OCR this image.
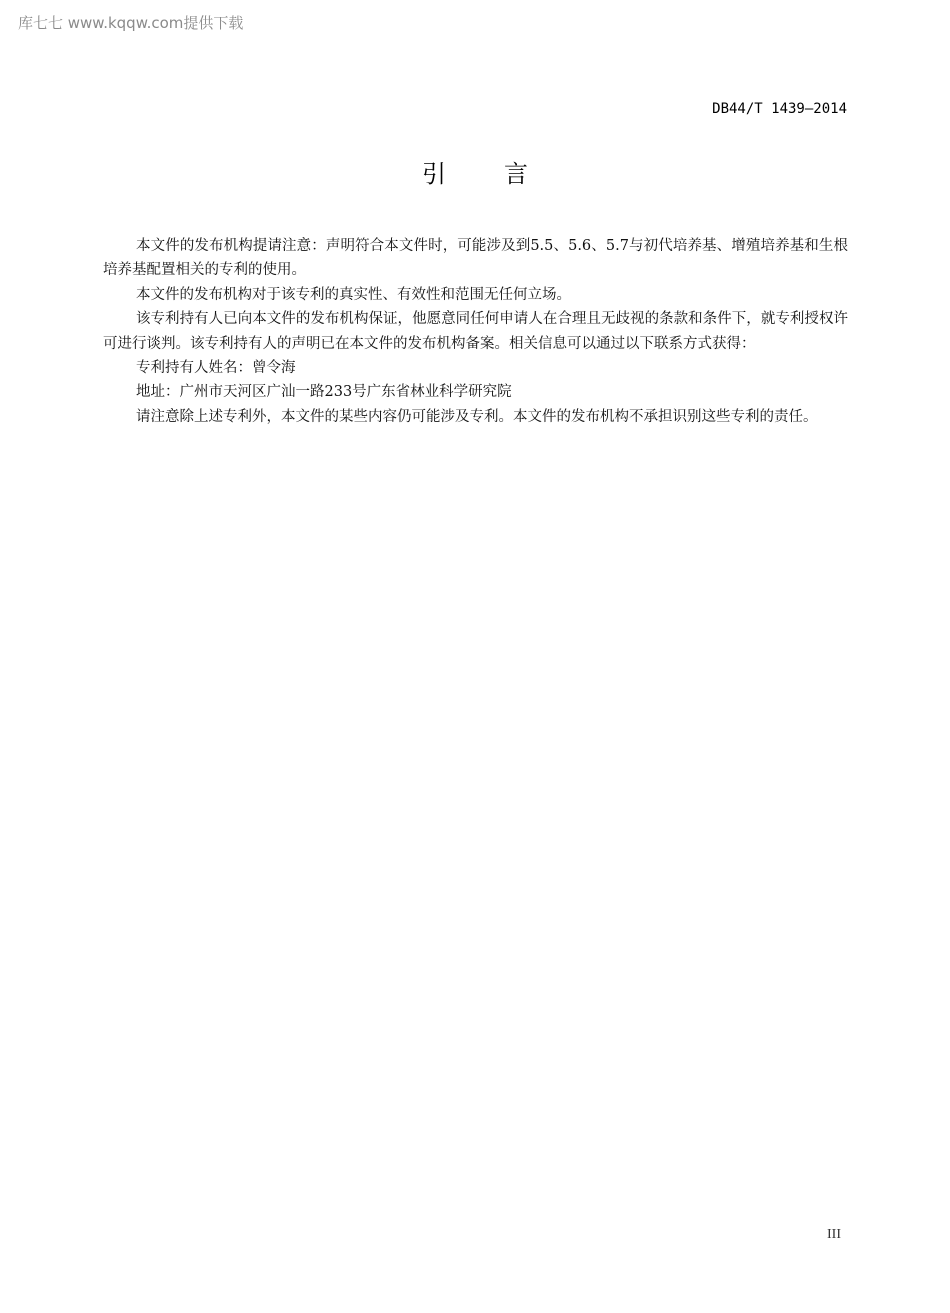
库七七 www.kqqw.com提供下载
DB44/T 1439—2014
引言

本文件的发布机构提请注意：声明符合本文件时，可能涉及到5.5、5.6、5.7与初代培养基、增殖培养基和生根培养基配置相关的专利的使用。

本文件的发布机构对于该专利的真实性、有效性和范围无任何立场。

该专利持有人已向本文件的发布机构保证，他愿意同任何申请人在合理且无歧视的条款和条件下，就专利授权许可进行谈判。该专利持有人的声明已在本文件的发布机构备案。相关信息可以通过以下联系方式获得：

专利持有人姓名：曾令海

地址：广州市天河区广汕一路233号广东省林业科学研究院

请注意除上述专利外，本文件的某些内容仍可能涉及专利。本文件的发布机构不承担识别这些专利的责任。

III
